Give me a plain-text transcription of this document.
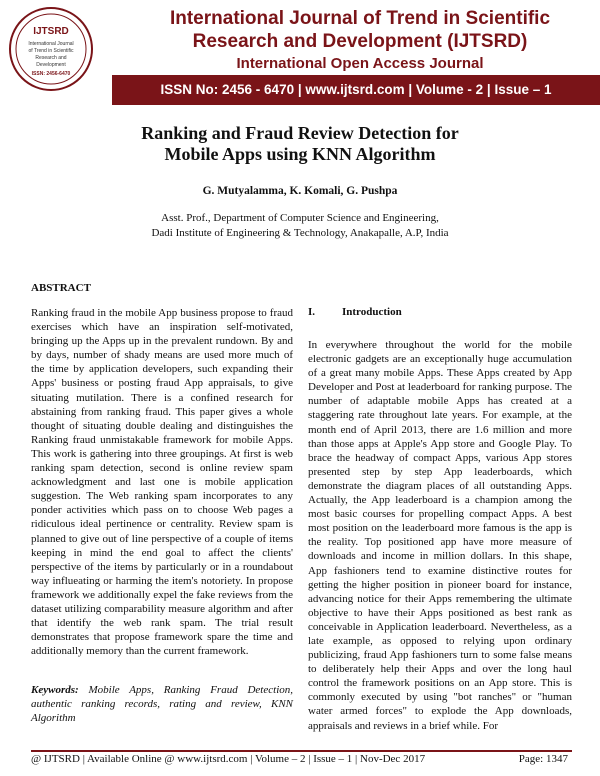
IJTSRD
International Journal
of Trend in Scientific
Research and
Development
ISSN: 2456-6470
International Journal of Trend in Scientific
Research and Development (IJTSRD)
International Open Access Journal
ISSN No: 2456 - 6470 | www.ijtsrd.com | Volume - 2 | Issue – 1
Ranking and Fraud Review Detection for
Mobile Apps using KNN Algorithm
G. Mutyalamma, K. Komali, G. Pushpa
Asst. Prof., Department of Computer Science and Engineering,
Dadi Institute of Engineering & Technology, Anakapalle, A.P, India
ABSTRACT
Ranking fraud in the mobile App business propose to fraud exercises which have an inspiration self-motivated, bringing up the Apps up in the prevalent rundown. By and by days, number of shady means are used more much of the time by application developers, such expanding their Apps' business or posting fraud App appraisals, to give situating mutilation. There is a confined research for abstaining from ranking fraud. This paper gives a whole thought of situating double dealing and distinguishes the Ranking fraud unmistakable framework for mobile Apps. This work is gathering into three groupings. At first is web ranking spam detection, second is online review spam acknowledgment and last one is mobile application suggestion. The Web ranking spam incorporates to any ponder activities which pass on to choose Web pages a ridiculous ideal pertinence or centrality. Review spam is planned to give out of line perspective of a couple of items keeping in mind the end goal to affect the clients' perspective of the items by particularly or in a roundabout way influeating or harming the item's notoriety. In propose framework we additionally expel the fake reviews from the dataset utilizing comparability measure algorithm and after that identify the web rank spam. The trial result demonstrates that propose framework spare the time and additionally memory than the current framework.
Keywords: Mobile Apps, Ranking Fraud Detection, authentic ranking records, rating and review, KNN Algorithm
I. Introduction
In everywhere throughout the world for the mobile electronic gadgets are an exceptionally huge accumulation of a great many mobile Apps. These Apps created by App Developer and Post at leaderboard for ranking purpose. The number of adaptable mobile Apps has created at a staggering rate throughout late years. For example, at the month end of April 2013, there are 1.6 million and more than those apps at Apple's App store and Google Play. To brace the headway of compact Apps, various App stores presented step by step App leaderboards, which demonstrate the diagram places of all outstanding Apps. Actually, the App leaderboard is a champion among the most basic courses for propelling compact Apps. A best most position on the leaderboard more famous is the app is the reality. Top positioned app have more measure of downloads and income in million dollars. In this shape, App fashioners tend to examine distinctive routes for getting the higher position in pioneer board for instance, advancing notice for their Apps remembering the ultimate objective to have their Apps positioned as best rank as conceivable in Application leaderboard. Nevertheless, as a late example, as opposed to relying upon ordinary publicizing, fraud App fashioners turn to some false means to deliberately help their Apps and over the long haul control the framework positions on an App store. This is commonly executed by using "bot ranches" or "human water armed forces" to explode the App downloads, appraisals and reviews in a brief while. For
@ IJTSRD | Available Online @ www.ijtsrd.com | Volume – 2 | Issue – 1 | Nov-Dec 2017	Page: 1347
